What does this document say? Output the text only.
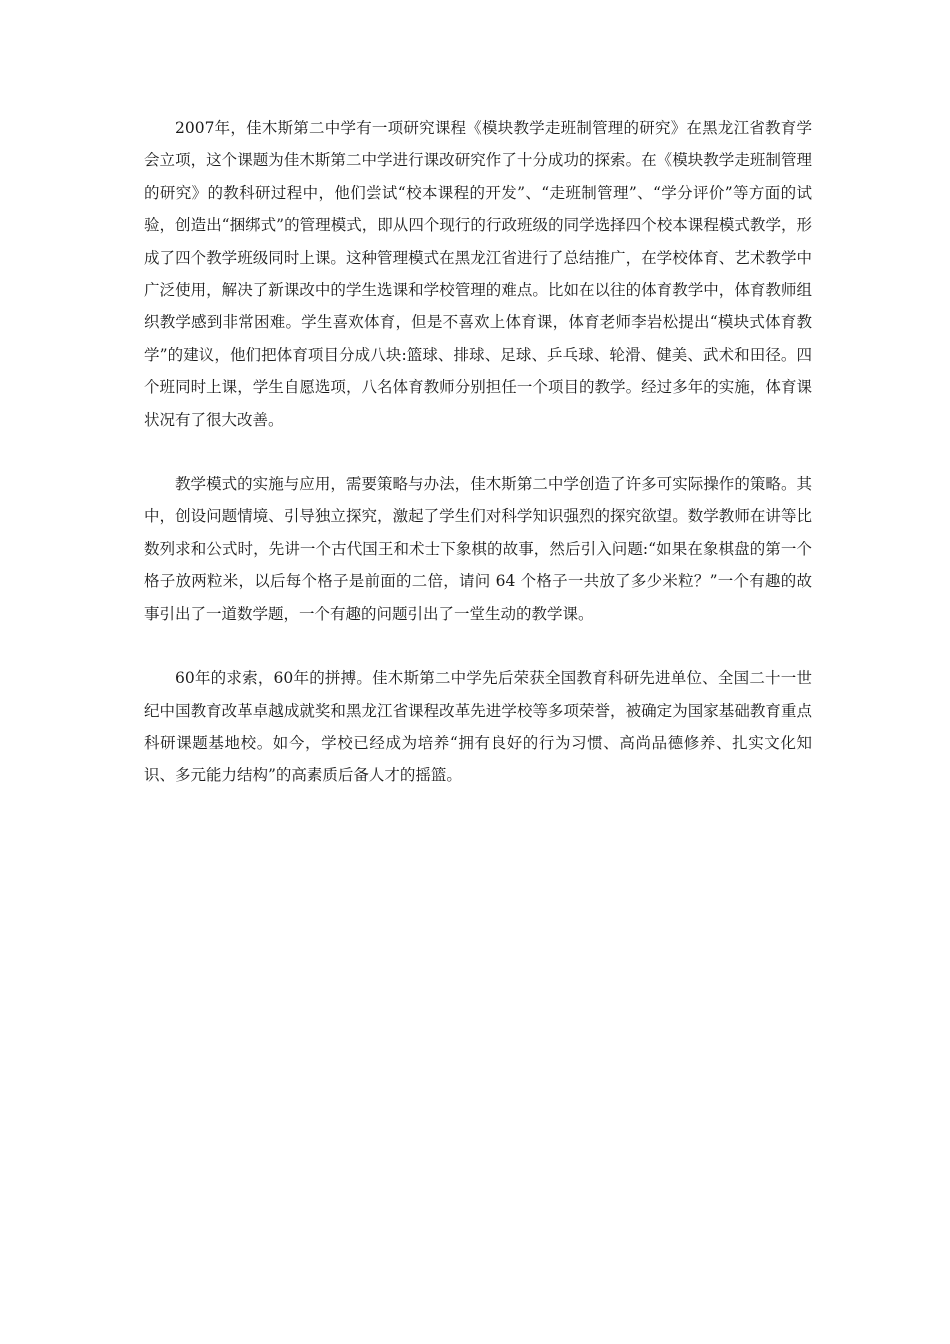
2007年，佳木斯第二中学有一项研究课程《模块教学走班制管理的研究》在黑龙江省教育学会立项，这个课题为佳木斯第二中学进行课改研究作了十分成功的探索。在《模块教学走班制管理的研究》的教科研过程中，他们尝试“校本课程的开发”、“走班制管理”、“学分评价”等方面的试验，创造出“捆绑式”的管理模式，即从四个现行的行政班级的同学选择四个校本课程模式教学，形成了四个教学班级同时上课。这种管理模式在黑龙江省进行了总结推广，在学校体育、艺术教学中广泛使用，解决了新课改中的学生选课和学校管理的难点。比如在以往的体育教学中，体育教师组织教学感到非常困难。学生喜欢体育，但是不喜欢上体育课，体育老师李岩松提出“模块式体育教学”的建议，他们把体育项目分成八块:篮球、排球、足球、乒乓球、轮滑、健美、武术和田径。四个班同时上课，学生自愿选项，八名体育教师分别担任一个项目的教学。经过多年的实施，体育课状况有了很大改善。

教学模式的实施与应用，需要策略与办法，佳木斯第二中学创造了许多可实际操作的策略。其中，创设问题情境、引导独立探究，激起了学生们对科学知识强烈的探究欲望。数学教师在讲等比数列求和公式时，先讲一个古代国王和术士下象棋的故事，然后引入问题:“如果在象棋盘的第一个格子放两粒米，以后每个格子是前面的二倍，请问 64 个格子一共放了多少米粒？”一个有趣的故事引出了一道数学题，一个有趣的问题引出了一堂生动的教学课。

60年的求索，60年的拼搏。佳木斯第二中学先后荣获全国教育科研先进单位、全国二十一世纪中国教育改革卓越成就奖和黑龙江省课程改革先进学校等多项荣誉，被确定为国家基础教育重点科研课题基地校。如今，学校已经成为培养“拥有良好的行为习惯、高尚品德修养、扎实文化知识、多元能力结构”的高素质后备人才的摇篮。
